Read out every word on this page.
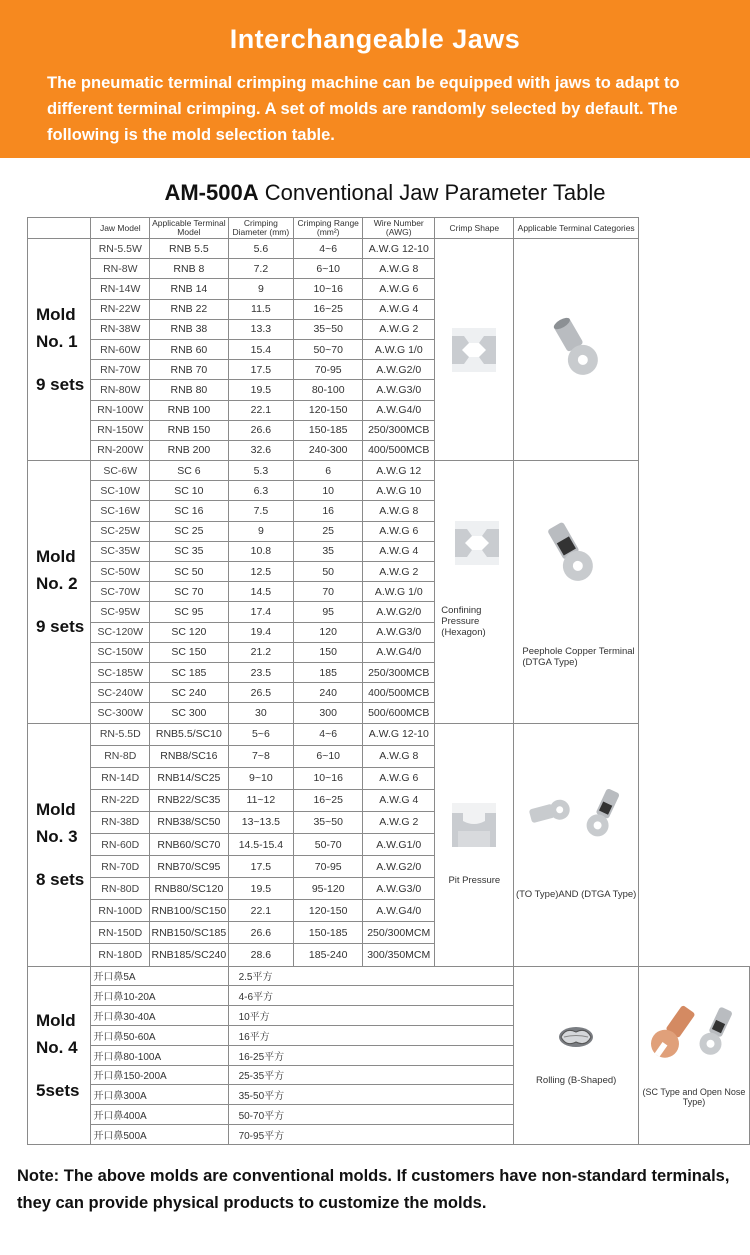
Interchangeable Jaws

The pneumatic terminal crimping machine can be equipped with jaws to adapt to different terminal crimping. A set of molds are randomly selected by default. The following is the mold selection table.

AM-500A Conventional Jaw Parameter Table
	Jaw Model	Applicable Terminal Model	Crimping Diameter (mm)	Crimping Range (mm²)	Wire Number (AWG)	Crimp Shape	Applicable Terminal Categories	

Mold
No. 1
9 sets	RN-5.5W	RNB 5.5	5.6	4~6	A.W.G 12-10	

	RN-8W	RNB 8	7.2	6~10	A.W.G 8			
	RN-14W	RNB 14	9	10~16	A.W.G 6			
	RN-22W	RNB 22	11.5	16~25	A.W.G 4			
	RN-38W	RNB 38	13.3	35~50	A.W.G 2			
	RN-60W	RNB 60	15.4	50~70	A.W.G 1/0			
	RN-70W	RNB 70	17.5	70-95	A.W.G2/0			
	RN-80W	RNB 80	19.5	80-100	A.W.G3/0			
	RN-100W	RNB 100	22.1	120-150	A.W.G4/0			
	RN-150W	RNB 150	26.6	150-185	250/300MCB			
	RN-200W	RNB 200	32.6	240-300	400/500MCB			

Mold
No. 2
9 sets	SC-6W	SC 6	5.3	6	A.W.G 12	Confining Pressure (Hexagon)	Peephole Copper Terminal (DTGA Type)	

	SC-10W	SC 10	6.3	10	A.W.G 10			
	SC-16W	SC 16	7.5	16	A.W.G 8			
	SC-25W	SC 25	9	25	A.W.G 6			
	SC-35W	SC 35	10.8	35	A.W.G 4			
	SC-50W	SC 50	12.5	50	A.W.G 2			
	SC-70W	SC 70	14.5	70	A.W.G 1/0			
	SC-95W	SC 95	17.4	95	A.W.G2/0			
	SC-120W	SC 120	19.4	120	A.W.G3/0			
	SC-150W	SC 150	21.2	150	A.W.G4/0			
	SC-185W	SC 185	23.5	185	250/300MCB			
	SC-240W	SC 240	26.5	240	400/500MCB			
	SC-300W	SC 300	30	300	500/600MCB			

Mold
No. 3
8 sets	RN-5.5D	RNB5.5/SC10	5~6	4~6	A.W.G 12-10	Pit Pressure	(TO Type)AND (DTGA Type)	

	RN-8D	RNB8/SC16	7~8	6~10	A.W.G 8			
	RN-14D	RNB14/SC25	9~10	10~16	A.W.G 6			
	RN-22D	RNB22/SC35	11~12	16~25	A.W.G 4			
	RN-38D	RNB38/SC50	13~13.5	35~50	A.W.G 2			
	RN-60D	RNB60/SC70	14.5-15.4	50-70	A.W.G1/0			
	RN-70D	RNB70/SC95	17.5	70-95	A.W.G2/0			
	RN-80D	RNB80/SC120	19.5	95-120	A.W.G3/0			
	RN-100D	RNB100/SC150	22.1	120-150	A.W.G4/0			
	RN-150D	RNB150/SC185	26.6	150-185	250/300MCM			
	RN-180D	RNB185/SC240	28.6	185-240	300/350MCM			

Mold
No. 4
5sets	开口鼻5A		2.5平方				Rolling (B-Shaped)	(SC Type and Open Nose Type)

	开口鼻10-20A		4-6平方					
	开口鼻30-40A		10平方					
	开口鼻50-60A		16平方					
	开口鼻80-100A		16-25平方					
	开口鼻150-200A		25-35平方					
	开口鼻300A		35-50平方					
	开口鼻400A		50-70平方					
	开口鼻500A		70-95平方					
Note: The above molds are conventional molds. If customers have non-standard terminals, they can provide physical products to customize the molds.
